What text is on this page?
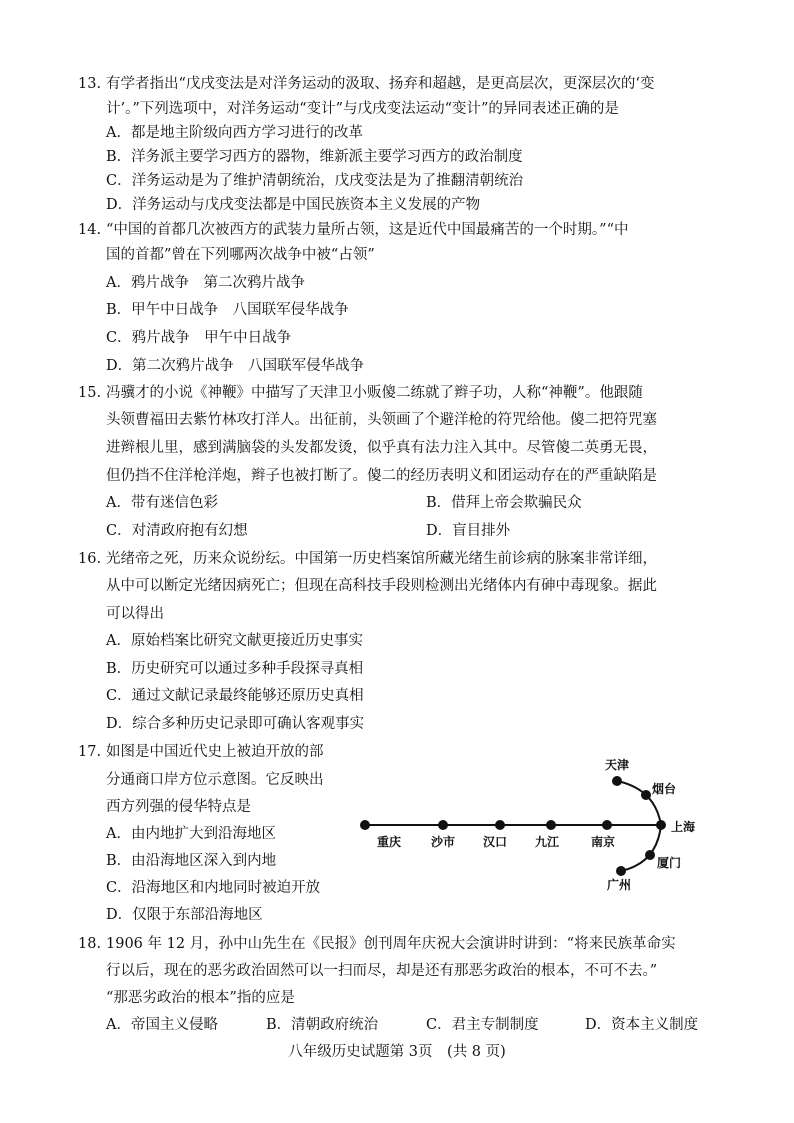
13. 有学者指出“戊戌变法是对洋务运动的汲取、扬弃和超越，是更高层次，更深层次的‘变
计’。”下列选项中，对洋务运动“变计”与戊戌变法运动“变计”的异同表述正确的是
A．都是地主阶级向西方学习进行的改革
B．洋务派主要学习西方的器物，维新派主要学习西方的政治制度
C．洋务运动是为了维护清朝统治，戊戌变法是为了推翻清朝统治
D．洋务运动与戊戌变法都是中国民族资本主义发展的产物
14. “中国的首都几次被西方的武装力量所占领，这是近代中国最痛苦的一个时期。”“中
国的首都”曾在下列哪两次战争中被“占领”
A．鸦片战争　第二次鸦片战争
B．甲午中日战争　八国联军侵华战争
C．鸦片战争　甲午中日战争
D．第二次鸦片战争　八国联军侵华战争
15. 冯骥才的小说《神鞭》中描写了天津卫小贩傻二练就了辫子功，人称“神鞭”。他跟随
头领曹福田去紫竹林攻打洋人。出征前，头领画了个避洋枪的符咒给他。傻二把符咒塞
进辫根儿里，感到满脑袋的头发都发烫，似乎真有法力注入其中。尽管傻二英勇无畏，
但仍挡不住洋枪洋炮，辫子也被打断了。傻二的经历表明义和团运动存在的严重缺陷是
A．带有迷信色彩	B．借拜上帝会欺骗民众
C．对清政府抱有幻想	D．盲目排外
16. 光绪帝之死，历来众说纷纭。中国第一历史档案馆所藏光绪生前诊病的脉案非常详细，
从中可以断定光绪因病死亡；但现在高科技手段则检测出光绪体内有砷中毒现象。据此
可以得出
A．原始档案比研究文献更接近历史事实
B．历史研究可以通过多种手段探寻真相
C．通过文献记录最终能够还原历史真相
D．综合多种历史记录即可确认客观事实
17. 如图是中国近代史上被迫开放的部
分通商口岸方位示意图。它反映出
西方列强的侵华特点是
A．由内地扩大到沿海地区
B．由沿海地区深入到内地
C．沿海地区和内地同时被迫开放
D．仅限于东部沿海地区
重庆 沙市 汉口 九江	南京
上海
天津
烟台
厦门
广州
18. 1906 年 12 月，孙中山先生在《民报》创刊周年庆祝大会演讲时讲到：“将来民族革命实
行以后，现在的恶劣政治固然可以一扫而尽，却是还有那恶劣政治的根本，不可不去。”
“那恶劣政治的根本”指的应是
A．帝国主义侵略	B．清朝政府统治	C．君主专制制度	D．资本主义制度
八年级历史试题第 3页　(共 8 页)
